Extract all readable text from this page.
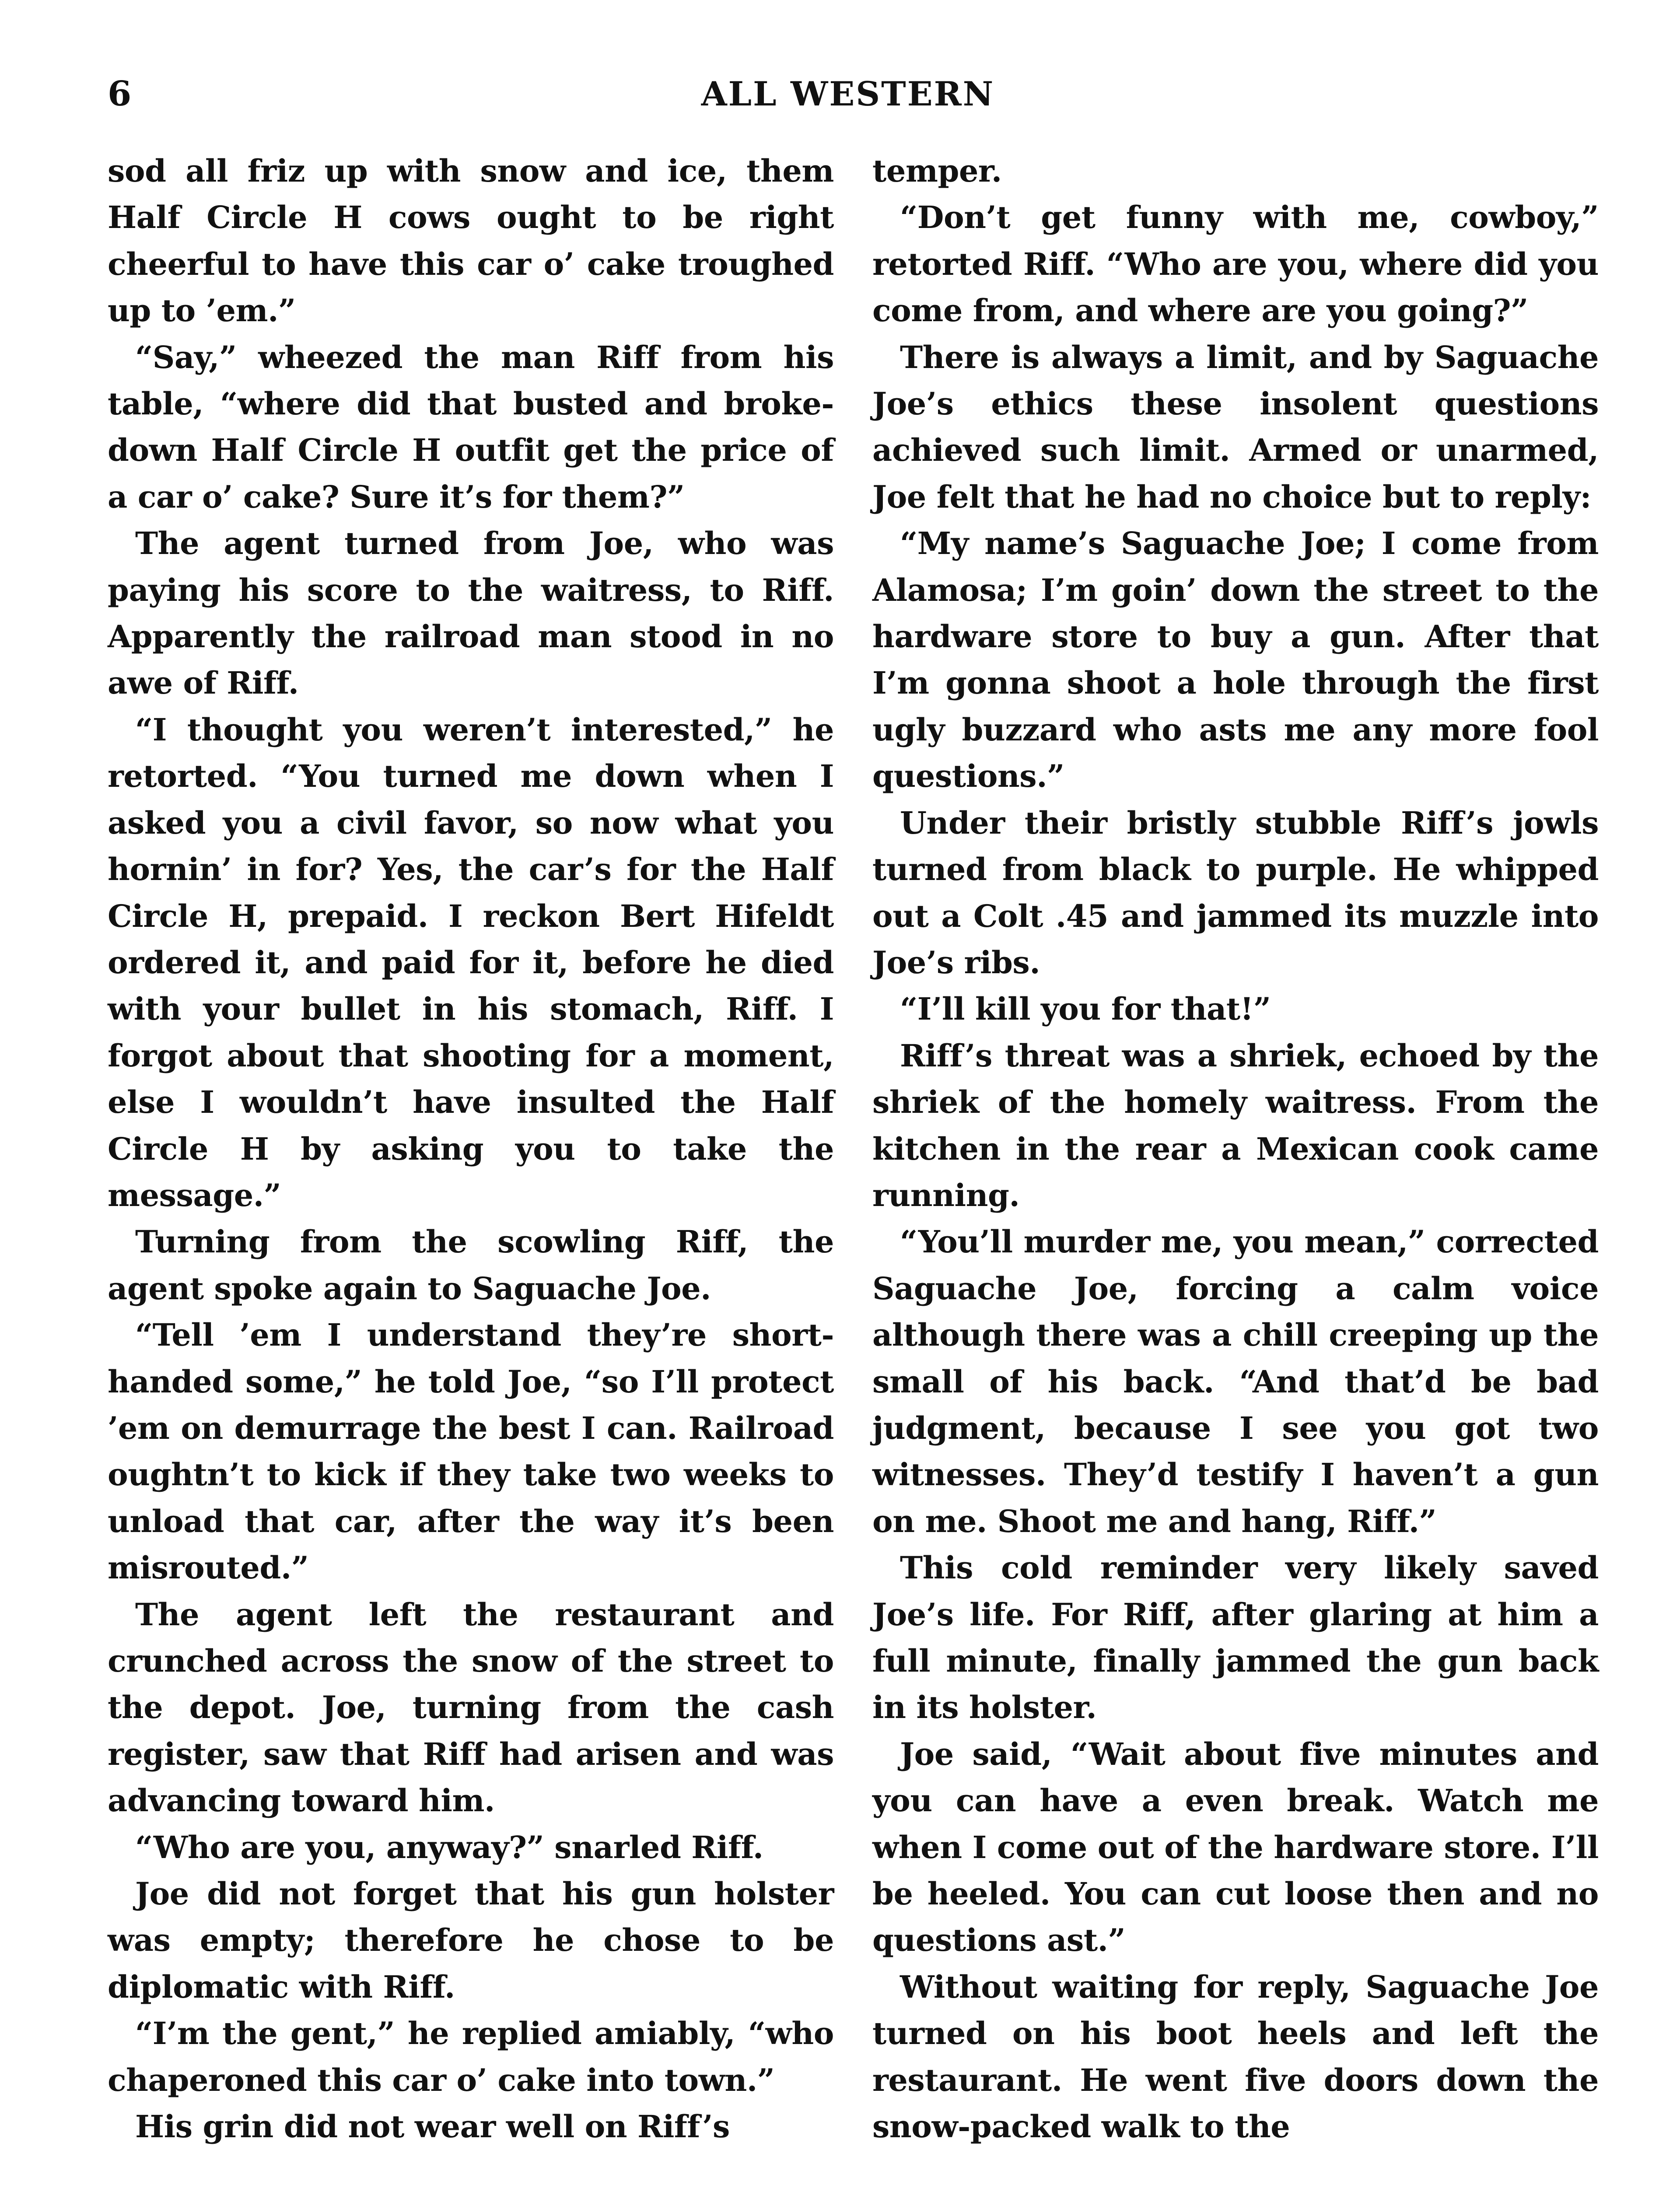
6	ALL WESTERN

sod all friz up with snow and ice, them Half Circle H cows ought to be right cheerful to have this car o’ cake troughed up to ’em.”

“Say,” wheezed the man Riff from his table, “where did that busted and broke-down Half Circle H outfit get the price of a car o’ cake? Sure it’s for them?”

The agent turned from Joe, who was paying his score to the waitress, to Riff. Apparently the railroad man stood in no awe of Riff.

“I thought you weren’t interested,” he retorted. “You turned me down when I asked you a civil favor, so now what you hornin’ in for? Yes, the car’s for the Half Circle H, prepaid. I reckon Bert Hifeldt ordered it, and paid for it, before he died with your bullet in his stomach, Riff. I forgot about that shooting for a moment, else I wouldn’t have insulted the Half Circle H by asking you to take the message.”

Turning from the scowling Riff, the agent spoke again to Saguache Joe.

“Tell ’em I understand they’re short-handed some,” he told Joe, “so I’ll protect ’em on demurrage the best I can. Railroad oughtn’t to kick if they take two weeks to unload that car, after the way it’s been misrouted.”

The agent left the restaurant and crunched across the snow of the street to the depot. Joe, turning from the cash register, saw that Riff had arisen and was advancing toward him.

“Who are you, anyway?” snarled Riff.

Joe did not forget that his gun holster was empty; therefore he chose to be diplomatic with Riff.

“I’m the gent,” he replied amiably, “who chaperoned this car o’ cake into town.”

His grin did not wear well on Riff’s

temper.

“Don’t get funny with me, cowboy,” retorted Riff. “Who are you, where did you come from, and where are you going?”

There is always a limit, and by Saguache Joe’s ethics these insolent questions achieved such limit. Armed or unarmed, Joe felt that he had no choice but to reply:

“My name’s Saguache Joe; I come from Alamosa; I’m goin’ down the street to the hardware store to buy a gun. After that I’m gonna shoot a hole through the first ugly buzzard who asts me any more fool questions.”

Under their bristly stubble Riff’s jowls turned from black to purple. He whipped out a Colt .45 and jammed its muzzle into Joe’s ribs.

“I’ll kill you for that!”

Riff’s threat was a shriek, echoed by the shriek of the homely waitress. From the kitchen in the rear a Mexican cook came running.

“You’ll murder me, you mean,” corrected Saguache Joe, forcing a calm voice although there was a chill creeping up the small of his back. “And that’d be bad judgment, because I see you got two witnesses. They’d testify I haven’t a gun on me. Shoot me and hang, Riff.”

This cold reminder very likely saved Joe’s life. For Riff, after glaring at him a full minute, finally jammed the gun back in its holster.

Joe said, “Wait about five minutes and you can have a even break. Watch me when I come out of the hardware store. I’ll be heeled. You can cut loose then and no questions ast.”

Without waiting for reply, Saguache Joe turned on his boot heels and left the restaurant. He went five doors down the snow-packed walk to the
